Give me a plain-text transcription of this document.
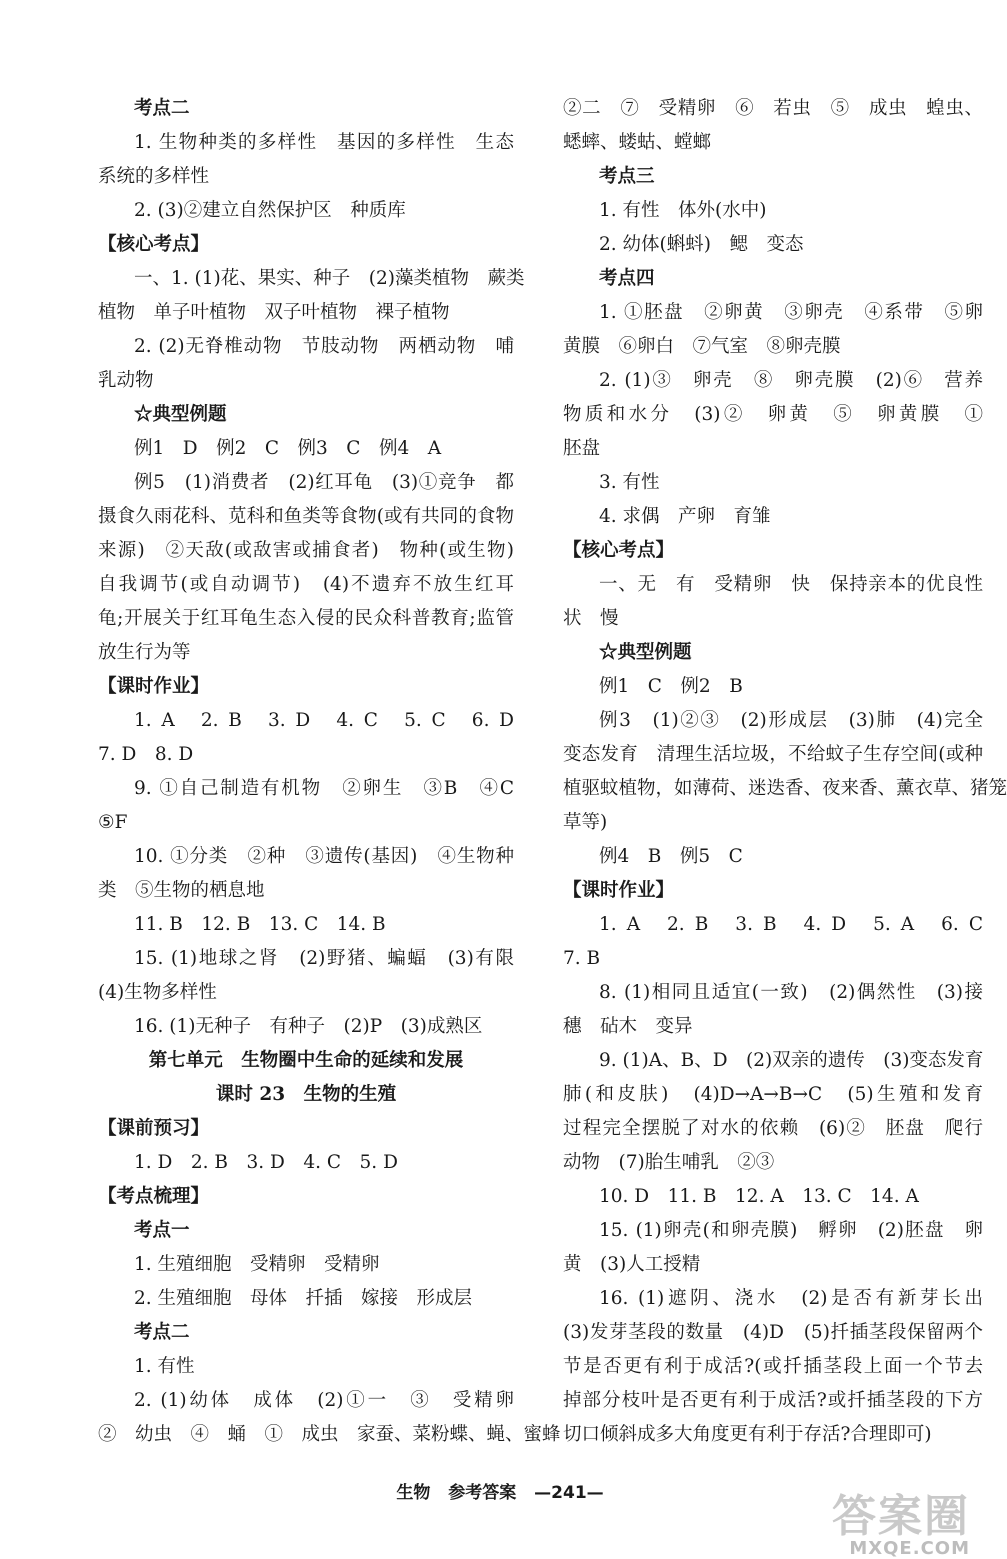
考点二
1. 生物种类的多样性　基因的多样性　生态
系统的多样性
2. (3)②建立自然保护区　种质库
【核心考点】
一、1. (1)花、果实、种子　(2)藻类植物　蕨类
植物　单子叶植物　双子叶植物　裸子植物
2. (2)无脊椎动物　节肢动物　两栖动物　哺
乳动物
☆典型例题
例1　D　例2　C　例3　C　例4　A
例5　(1)消费者　(2)红耳龟　(3)①竞争　都
摄食久雨花科、苋科和鱼类等食物(或有共同的食物
来源)　②天敌(或敌害或捕食者)　物种(或生物)
自我调节(或自动调节)　(4)不遗弃不放生红耳
龟;开展关于红耳龟生态入侵的民众科普教育;监管
放生行为等
【课时作业】
1. A　2. B　3. D　4. C　5. C　6. D
7. D　8. D
9. ①自己制造有机物　②卵生　③B　④C
⑤F
10. ①分类　②种　③遗传(基因)　④生物种
类　⑤生物的栖息地
11. B　12. B　13. C　14. B
15. (1)地球之肾　(2)野猪、蝙蝠　(3)有限
(4)生物多样性
16. (1)无种子　有种子　(2)P　(3)成熟区
第七单元　生物圈中生命的延续和发展
课时 23　生物的生殖
【课前预习】
1. D　2. B　3. D　4. C　5. D
【考点梳理】
考点一
1. 生殖细胞　受精卵　受精卵
2. 生殖细胞　母体　扦插　嫁接　形成层
考点二
1. 有性
2. (1)幼体　成体　(2)①一　③　受精卵
②　幼虫　④　蛹　①　成虫　家蚕、菜粉蝶、蝇、蜜蜂
②二　⑦　受精卵　⑥　若虫　⑤　成虫　蝗虫、
蟋蟀、蝼蛄、螳螂
考点三
1. 有性　体外(水中)
2. 幼体(蝌蚪)　鳃　变态
考点四
1. ①胚盘　②卵黄　③卵壳　④系带　⑤卵
黄膜　⑥卵白　⑦气室　⑧卵壳膜
2. (1)③　卵壳　⑧　卵壳膜　(2)⑥　营养
物质和水分　(3)②　卵黄　⑤　卵黄膜　①
胚盘
3. 有性
4. 求偶　产卵　育雏
【核心考点】
一、无　有　受精卵　快　保持亲本的优良性
状　慢
☆典型例题
例1　C　例2　B
例3　(1)②③　(2)形成层　(3)肺　(4)完全
变态发育　清理生活垃圾，不给蚊子生存空间(或种
植驱蚊植物，如薄荷、迷迭香、夜来香、薰衣草、猪笼
草等)
例4　B　例5　C
【课时作业】
1. A　2. B　3. B　4. D　5. A　6. C
7. B
8. (1)相同且适宜(一致)　(2)偶然性　(3)接
穗　砧木　变异
9. (1)A、B、D　(2)双亲的遗传　(3)变态发育
肺(和皮肤)　(4)D→A→B→C　(5)生殖和发育
过程完全摆脱了对水的依赖　(6)②　胚盘　爬行
动物　(7)胎生哺乳　②③
10. D　11. B　12. A　13. C　14. A
15. (1)卵壳(和卵壳膜)　孵卵　(2)胚盘　卵
黄　(3)人工授精
16. (1)遮阴、浇水　(2)是否有新芽长出
(3)发芽茎段的数量　(4)D　(5)扦插茎段保留两个
节是否更有利于成活?(或扦插茎段上面一个节去
掉部分枝叶是否更有利于成活?或扦插茎段的下方
切口倾斜成多大角度更有利于存活?合理即可)
生物 参考答案 —241—	答案圈
MXQE.COM
